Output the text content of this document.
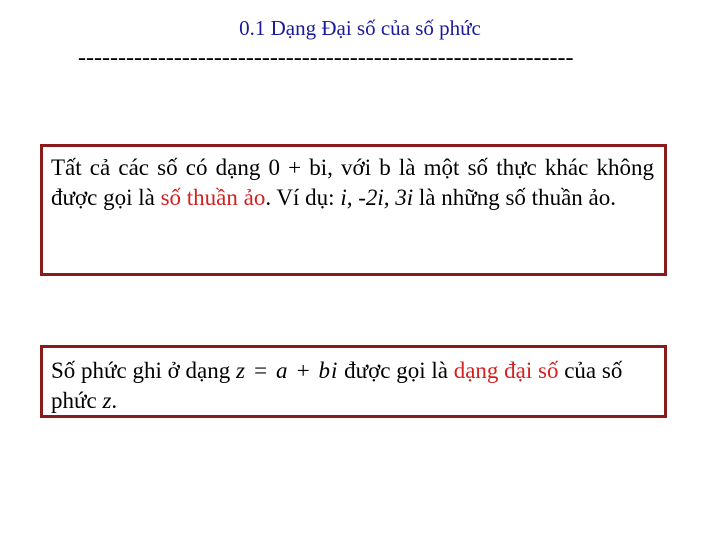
0.1 Dạng Đại số của số phức
--------------------------------------------------------------
Tất cả các số có dạng 0 + bi, với b là một số thực khác không được gọi là số thuần ảo. Ví dụ: i, -2i, 3i là những số thuần ảo.
Số phức ghi ở dạng z = a + bi được gọi là dạng đại số của số phức z.
